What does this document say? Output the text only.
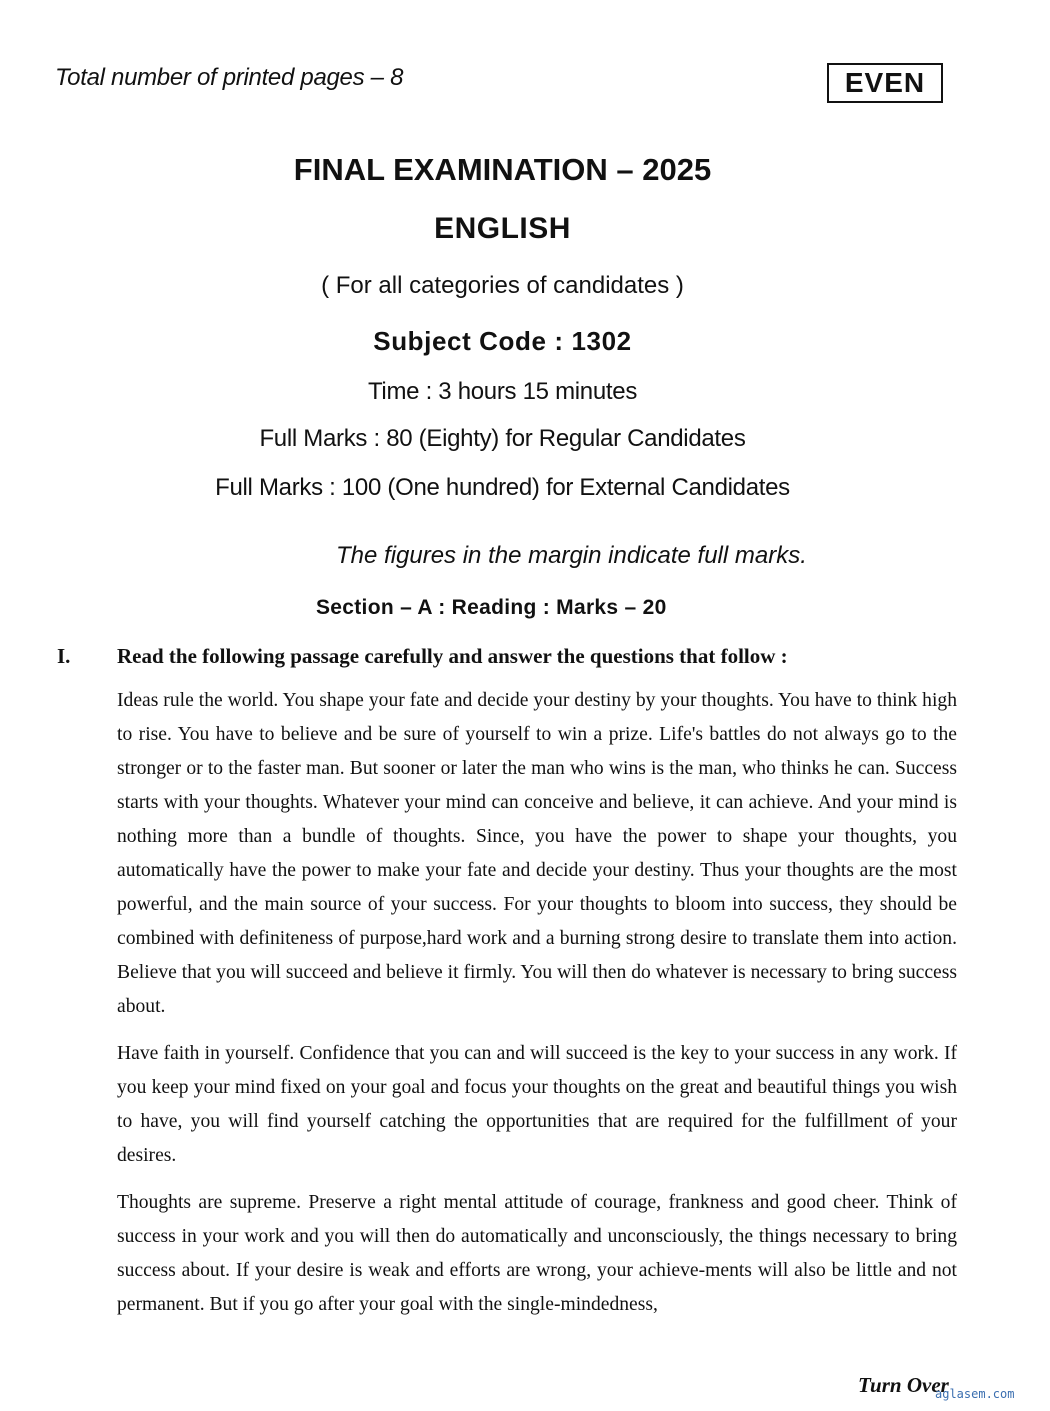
Total number of printed pages – 8	EVEN
FINAL EXAMINATION – 2025
ENGLISH
( For all categories of candidates )
Subject Code : 1302
Time : 3 hours 15 minutes
Full Marks : 80 (Eighty) for Regular Candidates
Full Marks : 100 (One hundred) for External Candidates
The figures in the margin indicate full marks.
Section – A : Reading : Marks – 20
I. Read the following passage carefully and answer the questions that follow :

Ideas rule the world. You shape your fate and decide your destiny by your thoughts. You have to think high to rise. You have to believe and be sure of yourself to win a prize. Life's battles do not always go to the stronger or to the faster man. But sooner or later the man who wins is the man, who thinks he can. Success starts with your thoughts. Whatever your mind can conceive and believe, it can achieve. And your mind is nothing more than a bundle of thoughts. Since, you have the power to shape your thoughts, you automatically have the power to make your fate and decide your destiny. Thus your thoughts are the most powerful, and the main source of your success. For your thoughts to bloom into success, they should be combined with definiteness of purpose,hard work and a burning strong desire to translate them into action. Believe that you will succeed and believe it firmly. You will then do whatever is necessary to bring success about.

Have faith in yourself. Confidence that you can and will succeed is the key to your success in any work. If you keep your mind fixed on your goal and focus your thoughts on the great and beautiful things you wish to have, you will find yourself catching the opportunities that are required for the fulfillment of your desires.

Thoughts are supreme. Preserve a right mental attitude of courage, frankness and good cheer. Think of success in your work and you will then do automatically and unconsciously, the things necessary to bring success about. If your desire is weak and efforts are wrong, your achieve-ments will also be little and not permanent. But if you go after your goal with the single-mindedness,

Turn Over
aglasem.com
